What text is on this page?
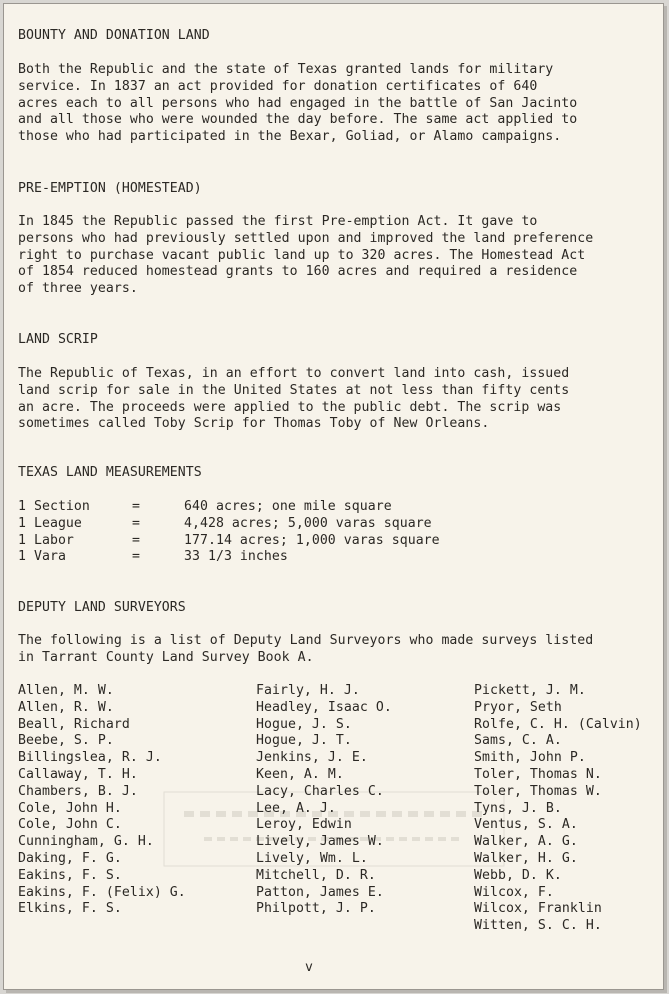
BOUNTY AND DONATION LAND

Both the Republic and the state of Texas granted lands for military
service. In 1837 an act provided for donation certificates of 640
acres each to all persons who had engaged in the battle of San Jacinto
and all those who were wounded the day before. The same act applied to
those who had participated in the Bexar, Goliad, or Alamo campaigns.

PRE-EMPTION (HOMESTEAD)

In 1845 the Republic passed the first Pre-emption Act. It gave to
persons who had previously settled upon and improved the land preference
right to purchase vacant public land up to 320 acres. The Homestead Act
of 1854 reduced homestead grants to 160 acres and required a residence
of three years.

LAND SCRIP

The Republic of Texas, in an effort to convert land into cash, issued
land scrip for sale in the United States at not less than fifty cents
an acre. The proceeds were applied to the public debt. The scrip was
sometimes called Toby Scrip for Thomas Toby of New Orleans.

TEXAS LAND MEASUREMENTS
1 Section	=	640 acres; one mile square
1 League	=	4,428 acres; 5,000 varas square
1 Labor	=	177.14 acres; 1,000 varas square
1 Vara	=	33 1/3 inches
DEPUTY LAND SURVEYORS

The following is a list of Deputy Land Surveyors who made surveys listed
in Tarrant County Land Survey Book A.

Allen, M. W.
Allen, R. W.
Beall, Richard
Beebe, S. P.
Billingslea, R. J.
Callaway, T. H.
Chambers, B. J.
Cole, John H.
Cole, John C.
Cunningham, G. H.
Daking, F. G.
Eakins, F. S.
Eakins, F. (Felix) G.
Elkins, F. S.
Fairly, H. J.
Headley, Isaac O.
Hogue, J. S.
Hogue, J. T.
Jenkins, J. E.
Keen, A. M.
Lacy, Charles C.
Lee, A. J.
Leroy, Edwin
Lively, James W.
Lively, Wm. L.
Mitchell, D. R.
Patton, James E.
Philpott, J. P.
Pickett, J. M.
Pryor, Seth
Rolfe, C. H. (Calvin)
Sams, C. A.
Smith, John P.
Toler, Thomas N.
Toler, Thomas W.
Tyns, J. B.
Ventus, S. A.
Walker, A. G.
Walker, H. G.
Webb, D. K.
Wilcox, F.
Wilcox, Franklin
Witten, S. C. H.
v
